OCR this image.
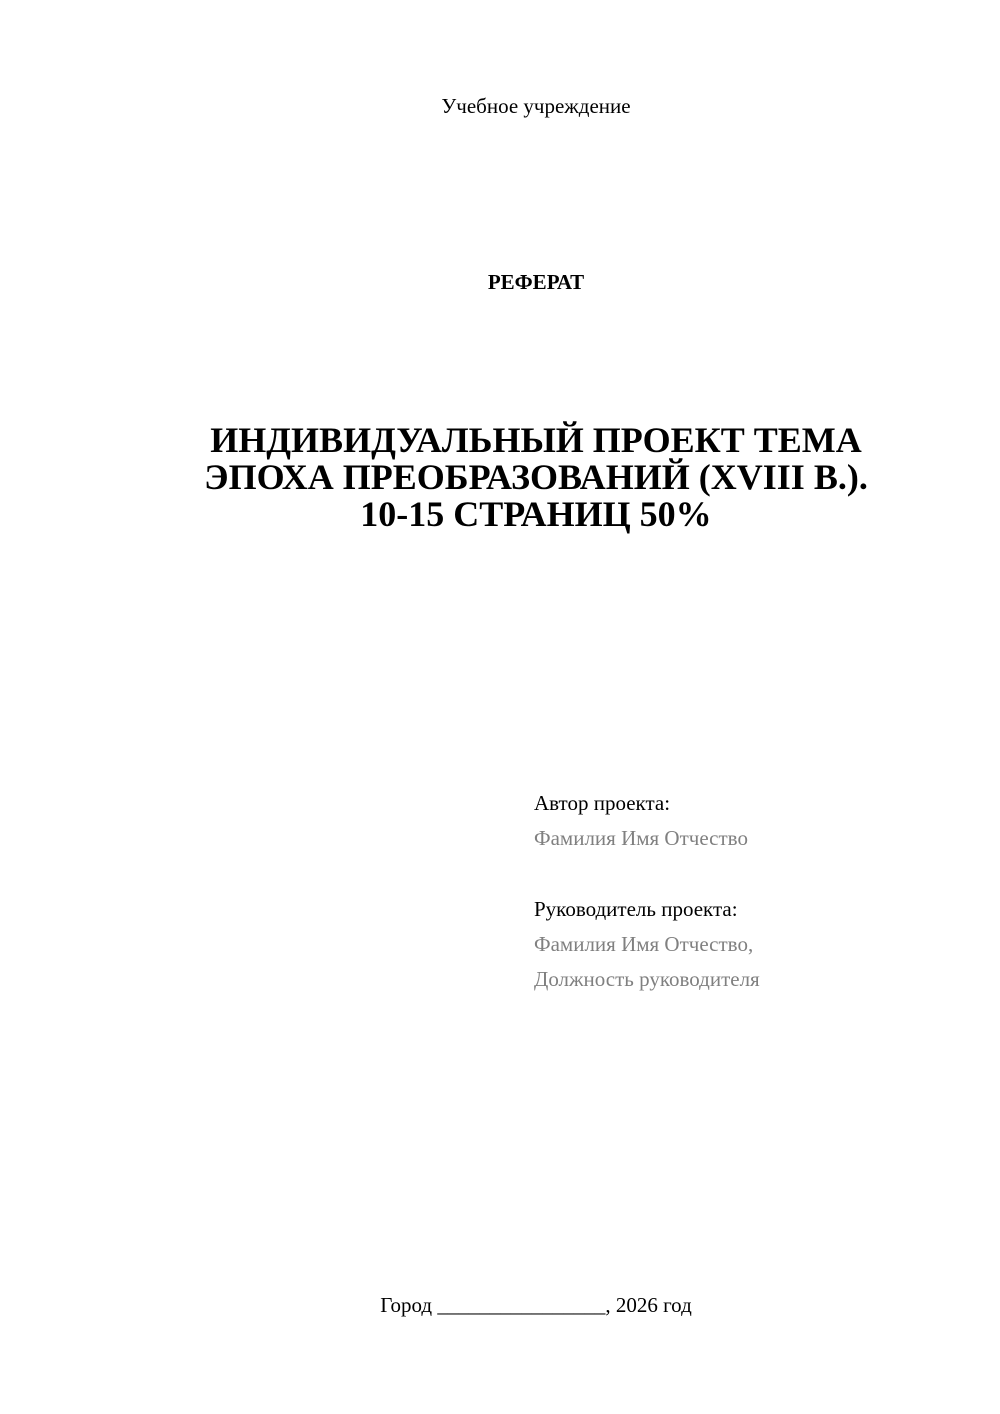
Учебное учреждение
РЕФЕРАТ
ИНДИВИДУАЛЬНЫЙ ПРОЕКТ ТЕМА
ЭПОХА ПРЕОБРАЗОВАНИЙ (XVIII В.).
10-15 СТРАНИЦ 50%
Автор проекта:
Фамилия Имя Отчество
Руководитель проекта:
Фамилия Имя Отчество,
Должность руководителя
Город ________________, 2026 год
